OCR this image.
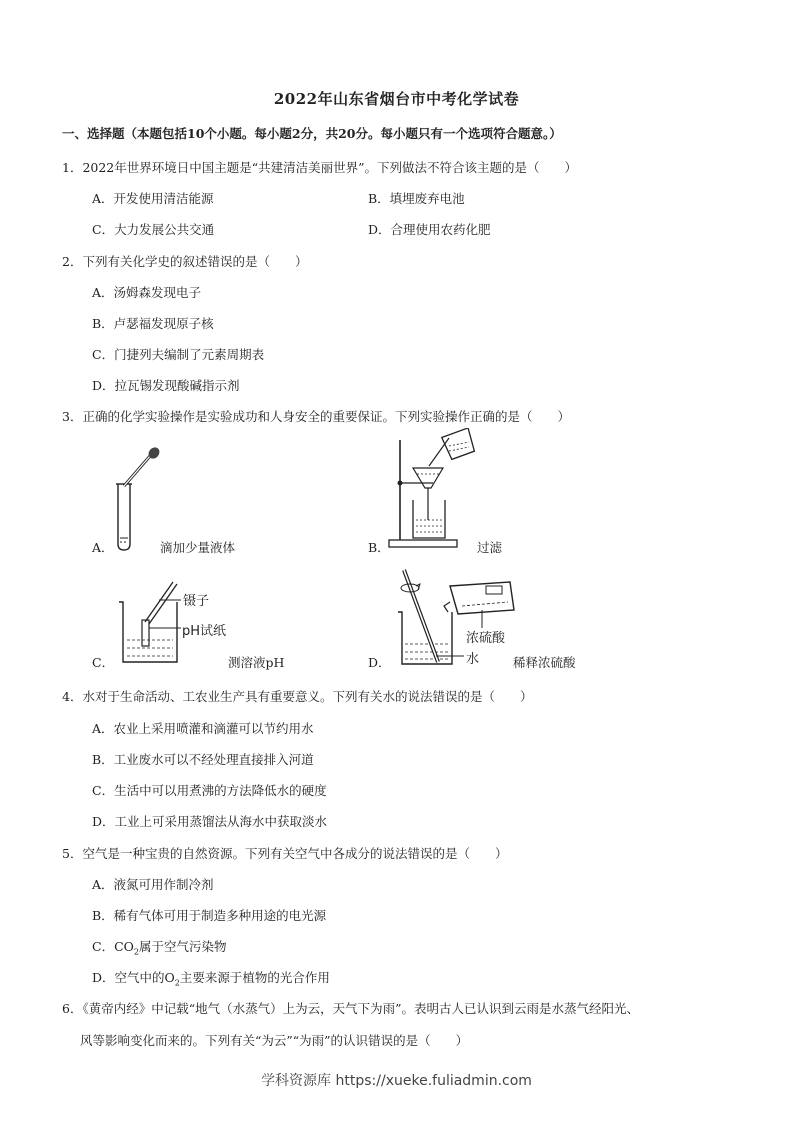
2022年山东省烟台市中考化学试卷
一、选择题（本题包括10个小题。每小题2分，共20分。每小题只有一个选项符合题意。）
1．2022年世界环境日中国主题是“共建清洁美丽世界”。下列做法不符合该主题的是（　　）
A．开发使用清洁能源	B．填埋废弃电池
C．大力发展公共交通	D．合理使用农药化肥
2．下列有关化学史的叙述错误的是（　　）
A．汤姆森发现电子
B．卢瑟福发现原子核
C．门捷列夫编制了元素周期表
D．拉瓦锡发现酸碱指示剂
3．正确的化学实验操作是实验成功和人身安全的重要保证。下列实验操作正确的是（　　）
A．	滴加少量液体	B．	过滤
镊子
pH试纸
C．	测溶液pH
浓硫酸
水
D．	稀释浓硫酸
4．水对于生命活动、工农业生产具有重要意义。下列有关水的说法错误的是（　　）
A．农业上采用喷灌和滴灌可以节约用水
B．工业废水可以不经处理直接排入河道
C．生活中可以用煮沸的方法降低水的硬度
D．工业上可采用蒸馏法从海水中获取淡水
5．空气是一种宝贵的自然资源。下列有关空气中各成分的说法错误的是（　　）
A．液氮可用作制冷剂
B．稀有气体可用于制造多种用途的电光源
C．$CO_2$属于空气污染物
D．空气中的$O_2$主要来源于植物的光合作用
6．《黄帝内经》中记载“地气（水蒸气）上为云，天气下为雨”。表明古人已认识到云雨是水蒸气经阳光、
风等影响变化而来的。下列有关“为云”“为雨”的认识错误的是（　　）
学科资源库 https://xueke.fuliadmin.com
